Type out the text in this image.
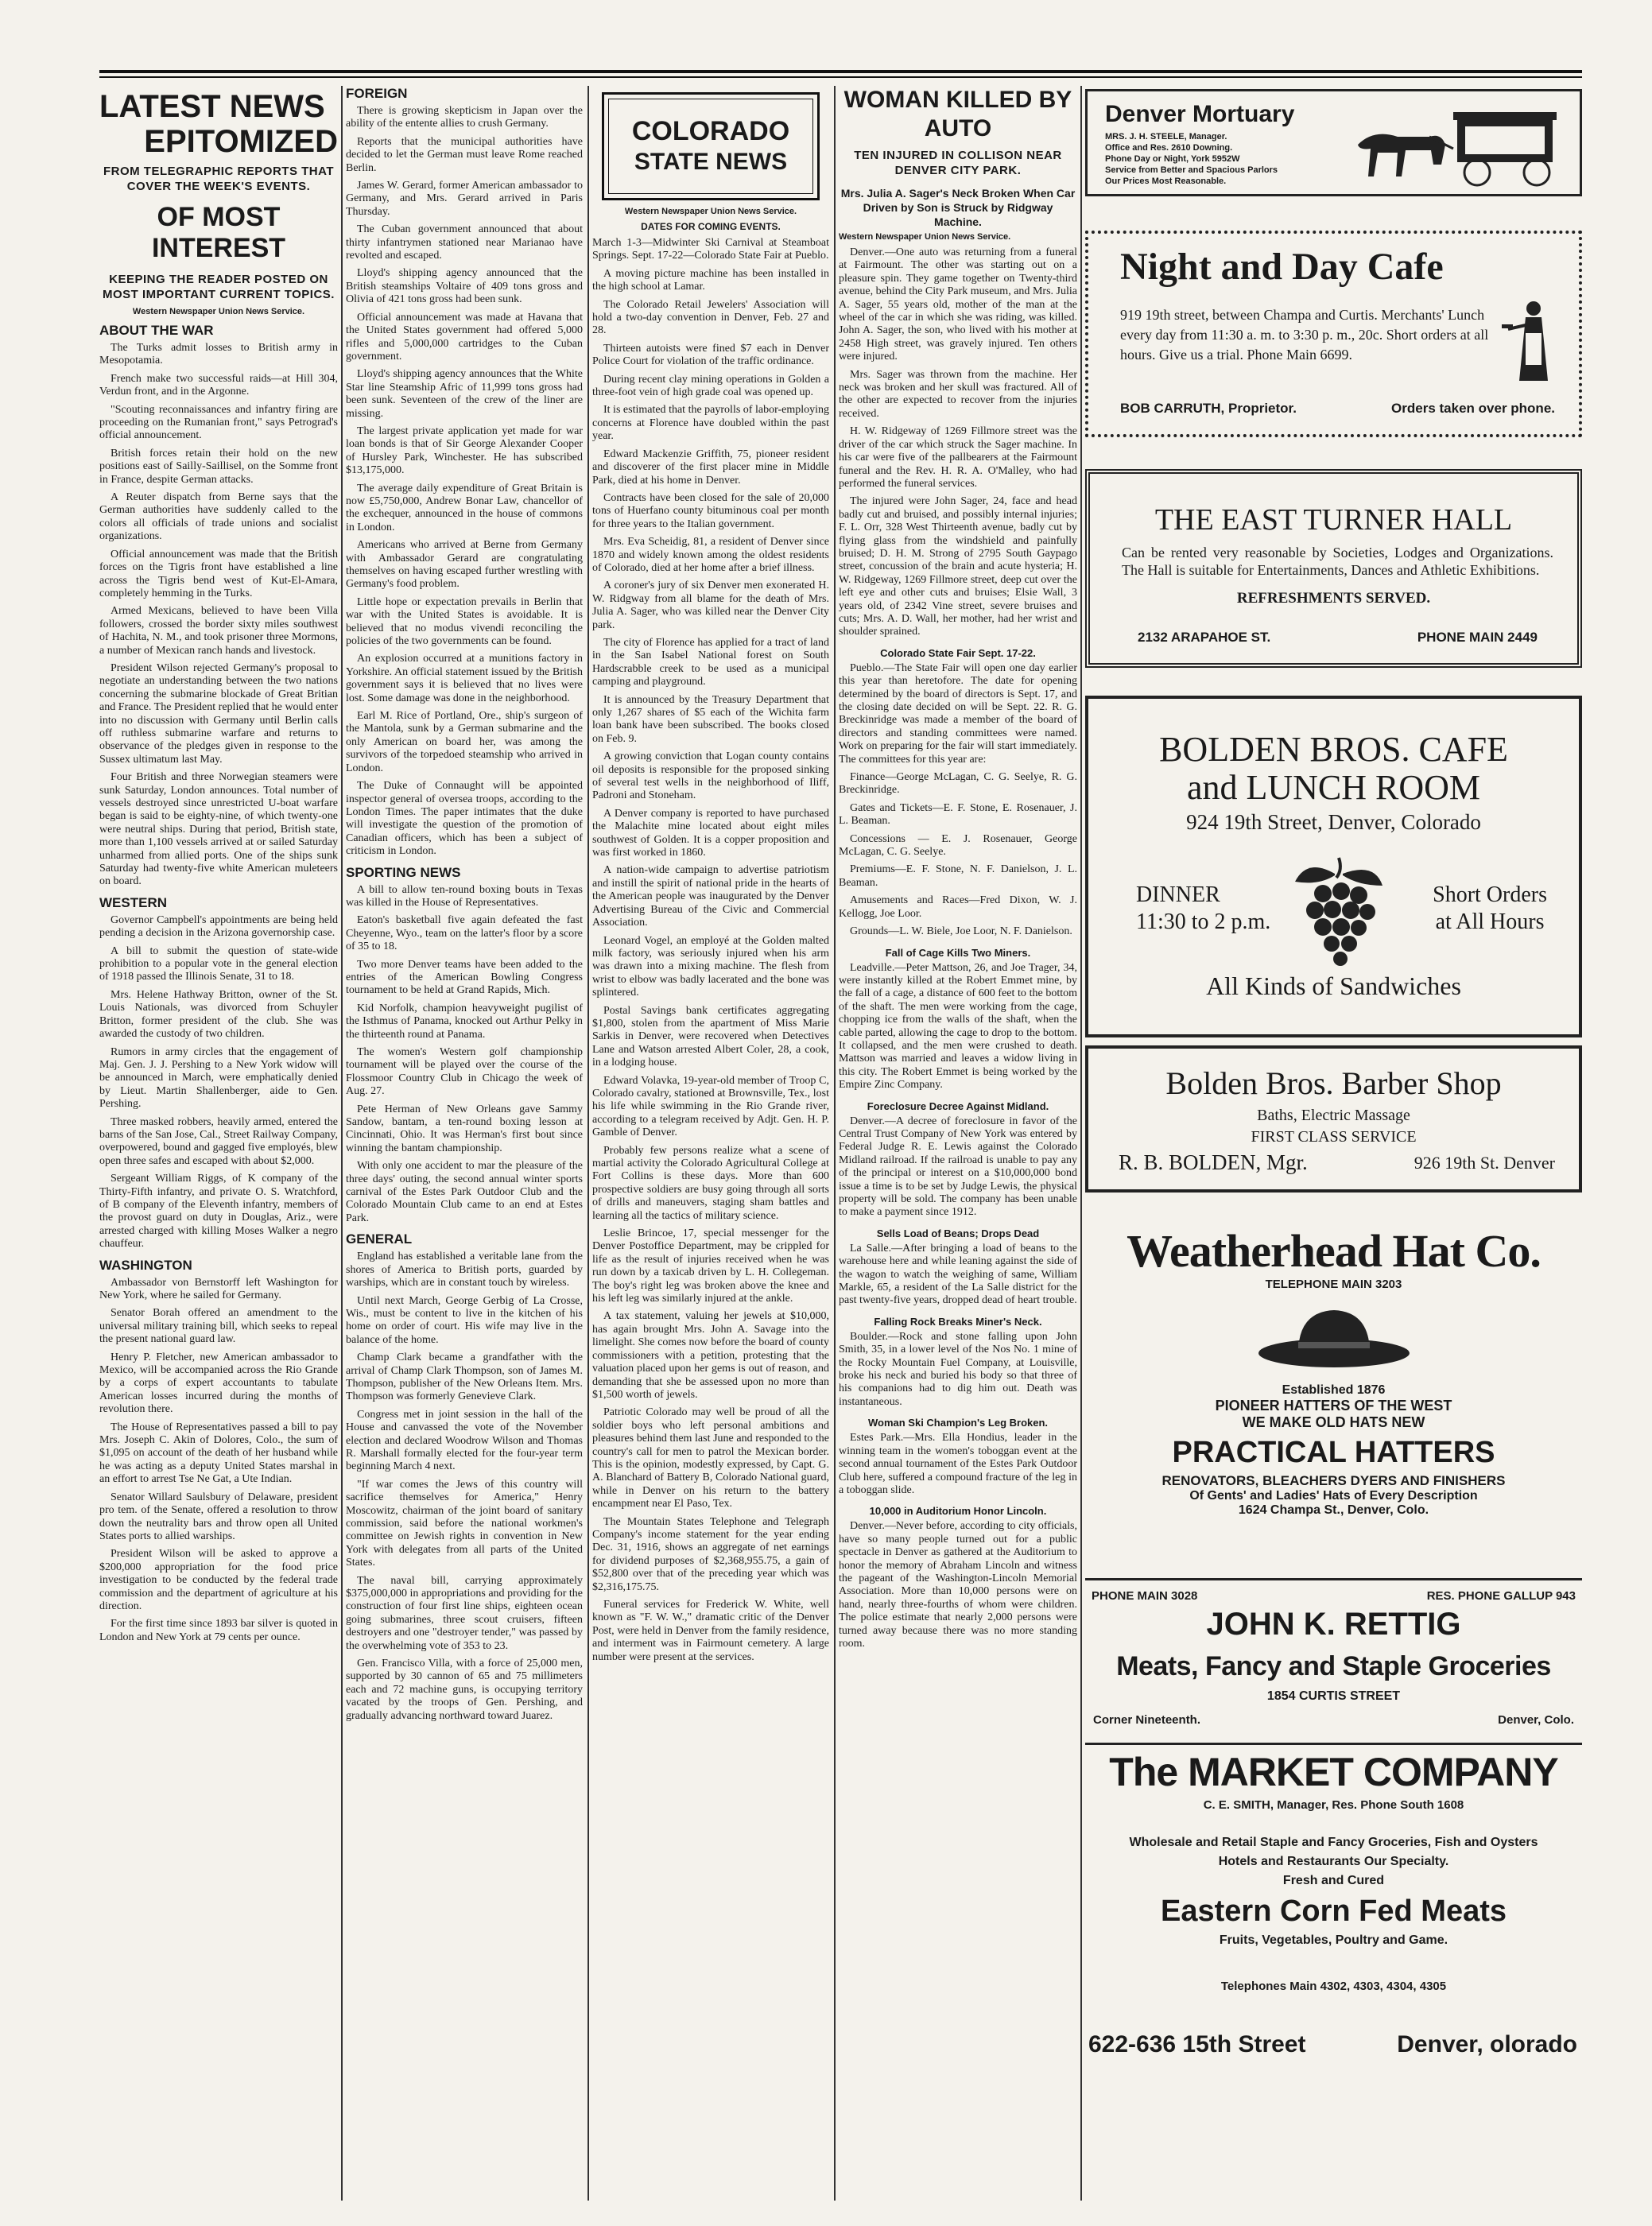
LATEST NEWS
EPITOMIZED
FROM TELEGRAPHIC REPORTS THAT COVER THE WEEK'S EVENTS.
OF MOST INTEREST
KEEPING THE READER POSTED ON MOST IMPORTANT CURRENT TOPICS.
Western Newspaper Union News Service.
ABOUT THE WAR

The Turks admit losses to British army in Mesopotamia.

French make two successful raids—at Hill 304, Verdun front, and in the Argonne.

"Scouting reconnaissances and infantry firing are proceeding on the Rumanian front," says Petrograd's official announcement.

British forces retain their hold on the new positions east of Sailly-Saillisel, on the Somme front in France, despite German attacks.

A Reuter dispatch from Berne says that the German authorities have suddenly called to the colors all officials of trade unions and socialist organizations.

Official announcement was made that the British forces on the Tigris front have established a line across the Tigris bend west of Kut-El-Amara, completely hemming in the Turks.

Armed Mexicans, believed to have been Villa followers, crossed the border sixty miles southwest of Hachita, N. M., and took prisoner three Mormons, a number of Mexican ranch hands and livestock.

President Wilson rejected Germany's proposal to negotiate an understanding between the two nations concerning the submarine blockade of Great Britian and France. The President replied that he would enter into no discussion with Germany until Berlin calls off ruthless submarine warfare and returns to observance of the pledges given in response to the Sussex ultimatum last May.

Four British and three Norwegian steamers were sunk Saturday, London announces. Total number of vessels destroyed since unrestricted U-boat warfare began is said to be eighty-nine, of which twenty-one were neutral ships. During that period, British state, more than 1,100 vessels arrived at or sailed Saturday unharmed from allied ports. One of the ships sunk Saturday had twenty-five white American muleteers on board.

WESTERN

Governor Campbell's appointments are being held pending a decision in the Arizona governorship case.

A bill to submit the question of state-wide prohibition to a popular vote in the general election of 1918 passed the Illinois Senate, 31 to 18.

Mrs. Helene Hathway Britton, owner of the St. Louis Nationals, was divorced from Schuyler Britton, former president of the club. She was awarded the custody of two children.

Rumors in army circles that the engagement of Maj. Gen. J. J. Pershing to a New York widow will be announced in March, were emphatically denied by Lieut. Martin Shallenberger, aide to Gen. Pershing.

Three masked robbers, heavily armed, entered the barns of the San Jose, Cal., Street Railway Company, overpowered, bound and gagged five employés, blew open three safes and escaped with about $2,000.

Sergeant William Riggs, of K company of the Thirty-Fifth infantry, and private O. S. Wratchford, of B company of the Eleventh infantry, members of the provost guard on duty in Douglas, Ariz., were arrested charged with killing Moses Walker a negro chauffeur.

WASHINGTON

Ambassador von Bernstorff left Washington for New York, where he sailed for Germany.

Senator Borah offered an amendment to the universal military training bill, which seeks to repeal the present national guard law.

Henry P. Fletcher, new American ambassador to Mexico, will be accompanied across the Rio Grande by a corps of expert accountants to tabulate American losses incurred during the months of revolution there.

The House of Representatives passed a bill to pay Mrs. Joseph C. Akin of Dolores, Colo., the sum of $1,095 on account of the death of her husband while he was acting as a deputy United States marshal in an effort to arrest Tse Ne Gat, a Ute Indian.

Senator Willard Saulsbury of Delaware, president pro tem. of the Senate, offered a resolution to throw down the neutrality bars and throw open all United States ports to allied warships.

President Wilson will be asked to approve a $200,000 appropriation for the food price investigation to be conducted by the federal trade commission and the department of agriculture at his direction.

For the first time since 1893 bar silver is quoted in London and New York at 79 cents per ounce.

FOREIGN

There is growing skepticism in Japan over the ability of the entente allies to crush Germany.

Reports that the municipal authorities have decided to let the German must leave Rome reached Berlin.

James W. Gerard, former American ambassador to Germany, and Mrs. Gerard arrived in Paris Thursday.

The Cuban government announced that about thirty infantrymen stationed near Marianao have revolted and escaped.

Lloyd's shipping agency announced that the British steamships Voltaire of 409 tons gross and Olivia of 421 tons gross had been sunk.

Official announcement was made at Havana that the United States government had offered 5,000 rifles and 5,000,000 cartridges to the Cuban government.

Lloyd's shipping agency announces that the White Star line Steamship Afric of 11,999 tons gross had been sunk. Seventeen of the crew of the liner are missing.

The largest private application yet made for war loan bonds is that of Sir George Alexander Cooper of Hursley Park, Winchester. He has subscribed $13,175,000.

The average daily expenditure of Great Britain is now £5,750,000, Andrew Bonar Law, chancellor of the exchequer, announced in the house of commons in London.

Americans who arrived at Berne from Germany with Ambassador Gerard are congratulating themselves on having escaped further wrestling with Germany's food problem.

Little hope or expectation prevails in Berlin that war with the United States is avoidable. It is believed that no modus vivendi reconciling the policies of the two governments can be found.

An explosion occurred at a munitions factory in Yorkshire. An official statement issued by the British government says it is believed that no lives were lost. Some damage was done in the neighborhood.

Earl M. Rice of Portland, Ore., ship's surgeon of the Mantola, sunk by a German submarine and the only American on board her, was among the survivors of the torpedoed steamship who arrived in London.

The Duke of Connaught will be appointed inspector general of oversea troops, according to the London Times. The paper intimates that the duke will investigate the question of the promotion of Canadian officers, which has been a subject of criticism in London.

SPORTING NEWS

A bill to allow ten-round boxing bouts in Texas was killed in the House of Representatives.

Eaton's basketball five again defeated the fast Cheyenne, Wyo., team on the latter's floor by a score of 35 to 18.

Two more Denver teams have been added to the entries of the American Bowling Congress tournament to be held at Grand Rapids, Mich.

Kid Norfolk, champion heavyweight pugilist of the Isthmus of Panama, knocked out Arthur Pelky in the thirteenth round at Panama.

The women's Western golf championship tournament will be played over the course of the Flossmoor Country Club in Chicago the week of Aug. 27.

Pete Herman of New Orleans gave Sammy Sandow, bantam, a ten-round boxing lesson at Cincinnati, Ohio. It was Herman's first bout since winning the bantam championship.

With only one accident to mar the pleasure of the three days' outing, the second annual winter sports carnival of the Estes Park Outdoor Club and the Colorado Mountain Club came to an end at Estes Park.

GENERAL

England has established a veritable lane from the shores of America to British ports, guarded by warships, which are in constant touch by wireless.

Until next March, George Gerbig of La Crosse, Wis., must be content to live in the kitchen of his home on order of court. His wife may live in the balance of the home.

Champ Clark became a grandfather with the arrival of Champ Clark Thompson, son of James M. Thompson, publisher of the New Orleans Item. Mrs. Thompson was formerly Genevieve Clark.

Congress met in joint session in the hall of the House and canvassed the vote of the November election and declared Woodrow Wilson and Thomas R. Marshall formally elected for the four-year term beginning March 4 next.

"If war comes the Jews of this country will sacrifice themselves for America," Henry Moscowitz, chairman of the joint board of sanitary commission, said before the national workmen's committee on Jewish rights in convention in New York with delegates from all parts of the United States.

The naval bill, carrying approximately $375,000,000 in appropriations and providing for the construction of four first line ships, eighteen ocean going submarines, three scout cruisers, fifteen destroyers and one "destroyer tender," was passed by the overwhelming vote of 353 to 23.

Gen. Francisco Villa, with a force of 25,000 men, supported by 30 cannon of 65 and 75 millimeters each and 72 machine guns, is occupying territory vacated by the troops of Gen. Pershing, and gradually advancing northward toward Juarez.

COLORADO
STATE NEWS
Western Newspaper Union News Service.
DATES FOR COMING EVENTS.

March 1-3—Midwinter Ski Carnival at Steamboat Springs. Sept. 17-22—Colorado State Fair at Pueblo.

A moving picture machine has been installed in the high school at Lamar.

The Colorado Retail Jewelers' Association will hold a two-day convention in Denver, Feb. 27 and 28.

Thirteen autoists were fined $7 each in Denver Police Court for violation of the traffic ordinance.

During recent clay mining operations in Golden a three-foot vein of high grade coal was opened up.

It is estimated that the payrolls of labor-employing concerns at Florence have doubled within the past year.

Edward Mackenzie Griffith, 75, pioneer resident and discoverer of the first placer mine in Middle Park, died at his home in Denver.

Contracts have been closed for the sale of 20,000 tons of Huerfano county bituminous coal per month for three years to the Italian government.

Mrs. Eva Scheidig, 81, a resident of Denver since 1870 and widely known among the oldest residents of Colorado, died at her home after a brief illness.

A coroner's jury of six Denver men exonerated H. W. Ridgway from all blame for the death of Mrs. Julia A. Sager, who was killed near the Denver City park.

The city of Florence has applied for a tract of land in the San Isabel National forest on South Hardscrabble creek to be used as a municipal camping and playground.

It is announced by the Treasury Department that only 1,267 shares of $5 each of the Wichita farm loan bank have been subscribed. The books closed on Feb. 9.

A growing conviction that Logan county contains oil deposits is responsible for the proposed sinking of several test wells in the neighborhood of Iliff, Padroni and Stoneham.

A Denver company is reported to have purchased the Malachite mine located about eight miles southwest of Golden. It is a copper proposition and was first worked in 1860.

A nation-wide campaign to advertise patriotism and instill the spirit of national pride in the hearts of the American people was inaugurated by the Denver Advertising Bureau of the Civic and Commercial Association.

Leonard Vogel, an employé at the Golden malted milk factory, was seriously injured when his arm was drawn into a mixing machine. The flesh from wrist to elbow was badly lacerated and the bone was splintered.

Postal Savings bank certificates aggregating $1,800, stolen from the apartment of Miss Marie Sarkis in Denver, were recovered when Detectives Lane and Watson arrested Albert Coler, 28, a cook, in a lodging house.

Edward Volavka, 19-year-old member of Troop C, Colorado cavalry, stationed at Brownsville, Tex., lost his life while swimming in the Rio Grande river, according to a telegram received by Adjt. Gen. H. P. Gamble of Denver.

Probably few persons realize what a scene of martial activity the Colorado Agricultural College at Fort Collins is these days. More than 600 prospective soldiers are busy going through all sorts of drills and maneuvers, staging sham battles and learning all the tactics of military science.

Leslie Brincoe, 17, special messenger for the Denver Postoffice Department, may be crippled for life as the result of injuries received when he was run down by a taxicab driven by L. H. Collegeman. The boy's right leg was broken above the knee and his left leg was similarly injured at the ankle.

A tax statement, valuing her jewels at $10,000, has again brought Mrs. John A. Savage into the limelight. She comes now before the board of county commissioners with a petition, protesting that the valuation placed upon her gems is out of reason, and demanding that she be assessed upon no more than $1,500 worth of jewels.

Patriotic Colorado may well be proud of all the soldier boys who left personal ambitions and pleasures behind them last June and responded to the country's call for men to patrol the Mexican border. This is the opinion, modestly expressed, by Capt. G. A. Blanchard of Battery B, Colorado National guard, while in Denver on his return to the battery encampment near El Paso, Tex.

The Mountain States Telephone and Telegraph Company's income statement for the year ending Dec. 31, 1916, shows an aggregate of net earnings for dividend purposes of $2,368,955.75, a gain of $52,800 over that of the preceding year which was $2,316,175.75.

Funeral services for Frederick W. White, well known as "F. W. W.," dramatic critic of the Denver Post, were held in Denver from the family residence, and interment was in Fairmount cemetery. A large number were present at the services.

WOMAN KILLED BY AUTO
TEN INJURED IN COLLISON NEAR DENVER CITY PARK.
Mrs. Julia A. Sager's Neck Broken When Car Driven by Son is Struck by Ridgway Machine.
Western Newspaper Union News Service.

Denver.—One auto was returning from a funeral at Fairmount. The other was starting out on a pleasure spin. They game together on Twenty-third avenue, behind the City Park museum, and Mrs. Julia A. Sager, 55 years old, mother of the man at the wheel of the car in which she was riding, was killed. John A. Sager, the son, who lived with his mother at 2458 High street, was gravely injured. Ten others were injured.

Mrs. Sager was thrown from the machine. Her neck was broken and her skull was fractured. All of the other are expected to recover from the injuries received.

H. W. Ridgeway of 1269 Fillmore street was the driver of the car which struck the Sager machine. In his car were five of the pallbearers at the Fairmount funeral and the Rev. H. R. A. O'Malley, who had performed the funeral services.

The injured were John Sager, 24, face and head badly cut and bruised, and possibly internal injuries; F. L. Orr, 328 West Thirteenth avenue, badly cut by flying glass from the windshield and painfully bruised; D. H. M. Strong of 2795 South Gaypago street, concussion of the brain and acute hysteria; H. W. Ridgeway, 1269 Fillmore street, deep cut over the left eye and other cuts and bruises; Elsie Wall, 3 years old, of 2342 Vine street, severe bruises and cuts; Mrs. A. D. Wall, her mother, had her wrist and shoulder sprained.

Colorado State Fair Sept. 17-22.

Pueblo.—The State Fair will open one day earlier this year than heretofore. The date for opening determined by the board of directors is Sept. 17, and the closing date decided on will be Sept. 22. R. G. Breckinridge was made a member of the board of directors and standing committees were named. Work on preparing for the fair will start immediately. The committees for this year are:

Finance—George McLagan, C. G. Seelye, R. G. Breckinridge.

Gates and Tickets—E. F. Stone, E. Rosenauer, J. L. Beaman.

Concessions — E. J. Rosenauer, George McLagan, C. G. Seelye.

Premiums—E. F. Stone, N. F. Danielson, J. L. Beaman.

Amusements and Races—Fred Dixon, W. J. Kellogg, Joe Loor.

Grounds—L. W. Biele, Joe Loor, N. F. Danielson.

Fall of Cage Kills Two Miners.

Leadville.—Peter Mattson, 26, and Joe Trager, 34, were instantly killed at the Robert Emmet mine, by the fall of a cage, a distance of 600 feet to the bottom of the shaft. The men were working from the cage, chopping ice from the walls of the shaft, when the cable parted, allowing the cage to drop to the bottom. It collapsed, and the men were crushed to death. Mattson was married and leaves a widow living in this city. The Robert Emmet is being worked by the Empire Zinc Company.

Foreclosure Decree Against Midland.

Denver.—A decree of foreclosure in favor of the Central Trust Company of New York was entered by Federal Judge R. E. Lewis against the Colorado Midland railroad. If the railroad is unable to pay any of the principal or interest on a $10,000,000 bond issue a time is to be set by Judge Lewis, the physical property will be sold. The company has been unable to make a payment since 1912.

Sells Load of Beans; Drops Dead

La Salle.—After bringing a load of beans to the warehouse here and while leaning against the side of the wagon to watch the weighing of same, William Markle, 65, a resident of the La Salle district for the past twenty-five years, dropped dead of heart trouble.

Falling Rock Breaks Miner's Neck.

Boulder.—Rock and stone falling upon John Smith, 35, in a lower level of the Nos No. 1 mine of the Rocky Mountain Fuel Company, at Louisville, broke his neck and buried his body so that three of his companions had to dig him out. Death was instantaneous.

Woman Ski Champion's Leg Broken.

Estes Park.—Mrs. Ella Hondius, leader in the winning team in the women's toboggan event at the second annual tournament of the Estes Park Outdoor Club here, suffered a compound fracture of the leg in a toboggan slide.

10,000 in Auditorium Honor Lincoln.

Denver.—Never before, according to city officials, have so many people turned out for a public spectacle in Denver as gathered at the Auditorium to honor the memory of Abraham Lincoln and witness the pageant of the Washington-Lincoln Memorial Association. More than 10,000 persons were on hand, nearly three-fourths of whom were children. The police estimate that nearly 2,000 persons were turned away because there was no more standing room.

Denver Mortuary
MRS. J. H. STEELE, Manager.
Office and Res. 2610 Downing.
Phone Day or Night, York 5952W
Service from Better and Spacious Parlors
Our Prices Most Reasonable.
Night and Day Cafe
919 19th street, between Champa and Curtis. Merchants' Lunch every day from 11:30 a. m. to 3:30 p. m., 20c. Short orders at all hours. Give us a trial. Phone Main 6699.
BOB CARRUTH, Proprietor.	Orders taken over phone.
THE EAST TURNER HALL
Can be rented very reasonable by Societies, Lodges and Organizations. The Hall is suitable for Entertainments, Dances and Athletic Exhibitions.
REFRESHMENTS SERVED.
2132 ARAPAHOE ST.	PHONE MAIN 2449
BOLDEN BROS. CAFE
and LUNCH ROOM
924 19th Street, Denver, Colorado
DINNER
11:30 to 2 p.m.
Short Orders
at All Hours
All Kinds of Sandwiches
Bolden Bros. Barber Shop
Baths, Electric Massage
FIRST CLASS SERVICE
R. B. BOLDEN, Mgr.	926 19th St. Denver
Weatherhead Hat Co.
TELEPHONE MAIN 3203
Established 1876
PIONEER HATTERS OF THE WEST
WE MAKE OLD HATS NEW
PRACTICAL HATTERS
RENOVATORS, BLEACHERS DYERS AND FINISHERS
Of Gents' and Ladies' Hats of Every Description
1624 Champa St., Denver, Colo.
PHONE MAIN 3028	RES. PHONE GALLUP 943
JOHN K. RETTIG
Meats, Fancy and Staple Groceries
1854 CURTIS STREET
Corner Nineteenth.	Denver, Colo.
The MARKET COMPANY
C. E. SMITH, Manager, Res. Phone South 1608
Wholesale and Retail Staple and Fancy Groceries, Fish and Oysters
Hotels and Restaurants Our Specialty.
Fresh and Cured
Eastern Corn Fed Meats
Fruits, Vegetables, Poultry and Game.
Telephones Main 4302, 4303, 4304, 4305
622-636 15th Street	Denver, olorado
